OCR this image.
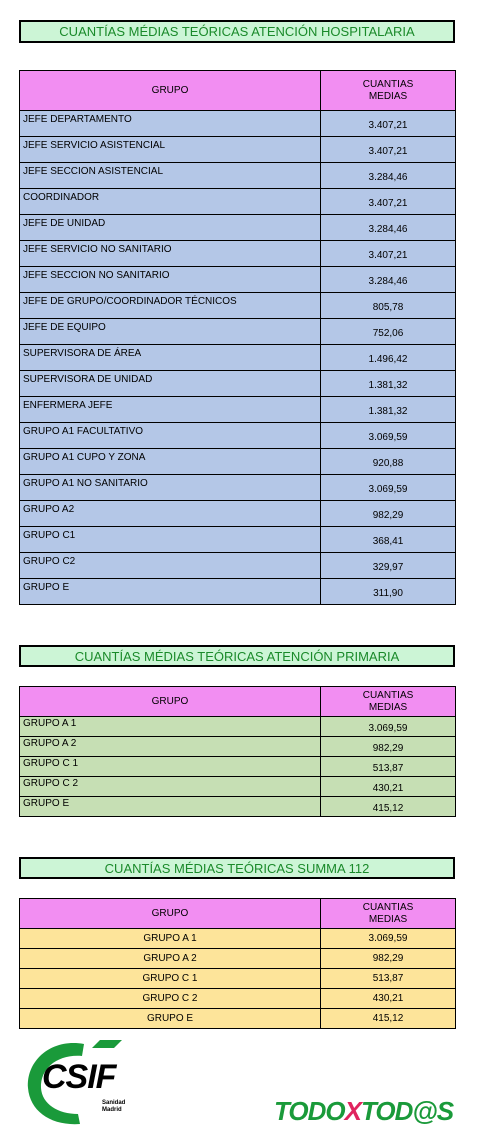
CUANTÍAS MÉDIAS TEÓRICAS ATENCIÓN HOSPITALARIA
GRUPO	CUANTIAS MEDIAS
JEFE DEPARTAMENTO	3.407,21
JEFE SERVICIO ASISTENCIAL	3.407,21
JEFE SECCION ASISTENCIAL	3.284,46
COORDINADOR	3.407,21
JEFE DE UNIDAD	3.284,46
JEFE SERVICIO NO SANITARIO	3.407,21
JEFE SECCION NO SANITARIO	3.284,46
JEFE DE GRUPO/COORDINADOR TÉCNICOS	805,78
JEFE DE EQUIPO	752,06
SUPERVISORA DE ÁREA	1.496,42
SUPERVISORA DE UNIDAD	1.381,32
ENFERMERA JEFE	1.381,32
GRUPO A1 FACULTATIVO	3.069,59
GRUPO A1 CUPO Y ZONA	920,88
GRUPO A1 NO SANITARIO	3.069,59
GRUPO A2	982,29
GRUPO C1	368,41
GRUPO C2	329,97
GRUPO E	311,90
CUANTÍAS MÉDIAS TEÓRICAS ATENCIÓN PRIMARIA
GRUPO	CUANTIAS MEDIAS
GRUPO A 1	3.069,59
GRUPO A 2	982,29
GRUPO C 1	513,87
GRUPO C 2	430,21
GRUPO E	415,12
CUANTÍAS MÉDIAS TEÓRICAS SUMMA 112
GRUPO	CUANTIAS MEDIAS
GRUPO A 1	3.069,59
GRUPO A 2	982,29
GRUPO C 1	513,87
GRUPO C 2	430,21
GRUPO E	415,12
CSIF
Sanidad
Madrid	TODOXTOD@S
